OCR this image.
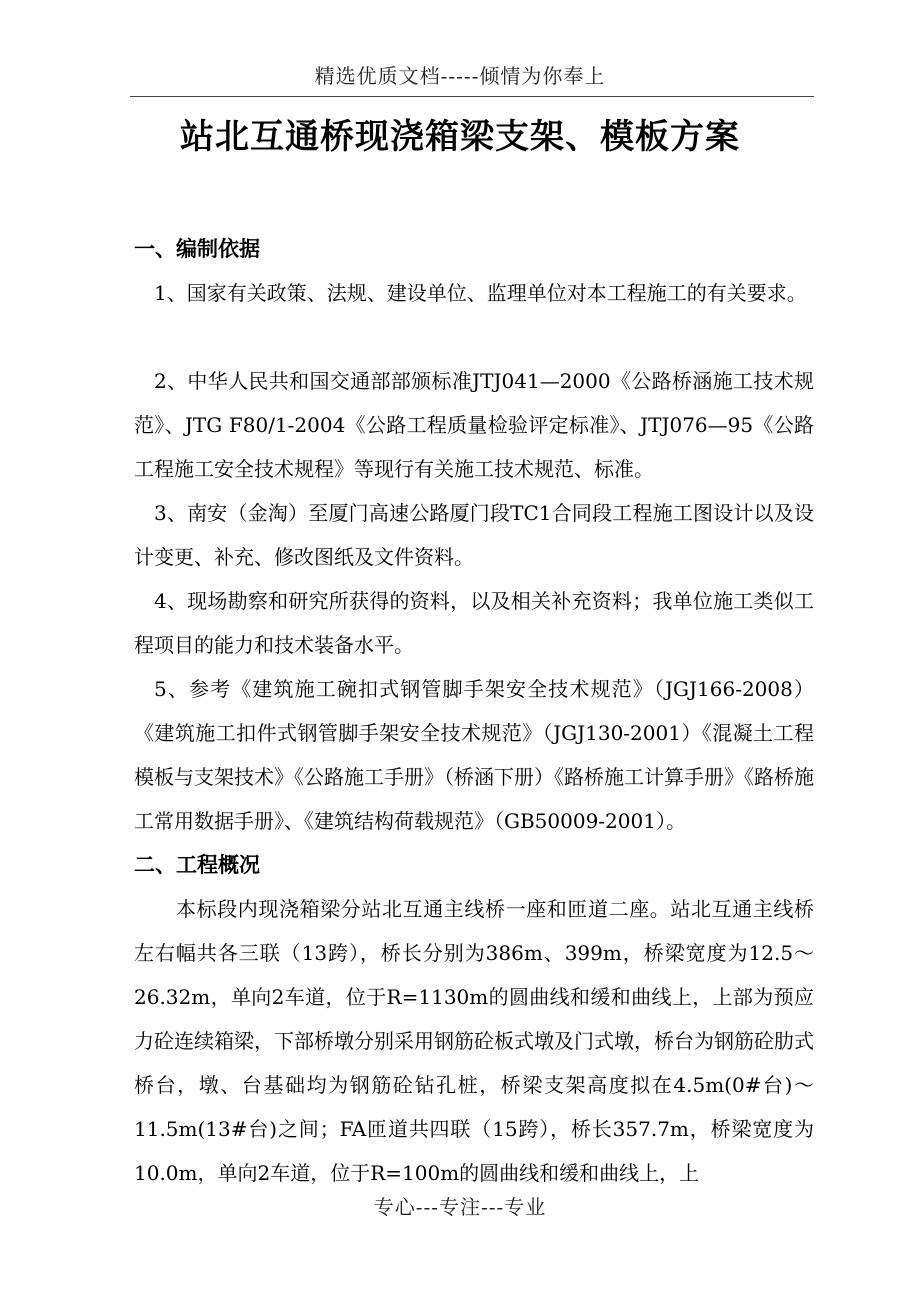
精选优质文档-----倾情为你奉上
站北互通桥现浇箱梁支架、模板方案

一、编制依据

1、国家有关政策、法规、建设单位、监理单位对本工程施工的有关要求。

2、中华人民共和国交通部部颁标准JTJ041—2000《公路桥涵施工技术规范》、JTG F80/1-2004《公路工程质量检验评定标准》、JTJ076—95《公路工程施工安全技术规程》等现行有关施工技术规范、标准。

3、南安（金淘）至厦门高速公路厦门段TC1合同段工程施工图设计以及设计变更、补充、修改图纸及文件资料。

4、现场勘察和研究所获得的资料，以及相关补充资料；我单位施工类似工程项目的能力和技术装备水平。

5、参考《建筑施工碗扣式钢管脚手架安全技术规范》（JGJ166-2008）《建筑施工扣件式钢管脚手架安全技术规范》（JGJ130-2001）《混凝土工程模板与支架技术》《公路施工手册》（桥涵下册）《路桥施工计算手册》《路桥施工常用数据手册》、《建筑结构荷载规范》（GB50009-2001）。

二、工程概况

本标段内现浇箱梁分站北互通主线桥一座和匝道二座。站北互通主线桥左右幅共各三联（13跨），桥长分别为386m、399m，桥梁宽度为12.5～26.32m，单向2车道，位于R=1130m的圆曲线和缓和曲线上，上部为预应力砼连续箱梁，下部桥墩分别采用钢筋砼板式墩及门式墩，桥台为钢筋砼肋式桥台，墩、台基础均为钢筋砼钻孔桩，桥梁支架高度拟在4.5m(0#台)～11.5m(13#台)之间；FA匝道共四联（15跨），桥长357.7m，桥梁宽度为10.0m，单向2车道，位于R=100m的圆曲线和缓和曲线上，上

专心---专注---专业
